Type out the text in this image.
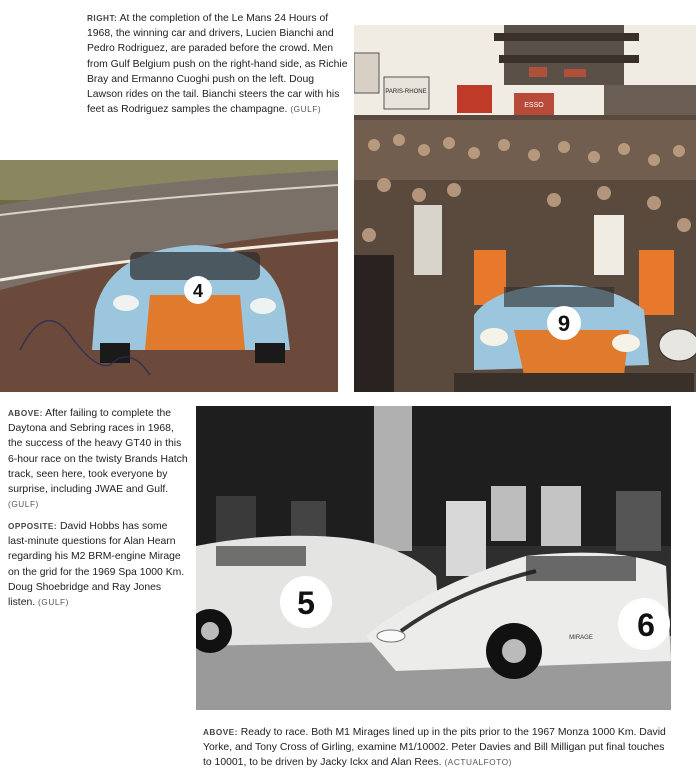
RIGHT: At the completion of the Le Mans 24 Hours of 1968, the winning car and drivers, Lucien Bianchi and Pedro Rodriguez, are paraded before the crowd. Men from Gulf Belgium push on the right-hand side, as Richie Bray and Ermanno Cuoghi push on the left. Doug Lawson rides on the tail. Bianchi steers the car with his feet as Rodriguez samples the champagne. (GULF)
PARIS-RHONE
ESSO
9
4
ABOVE: After failing to complete the Daytona and Sebring races in 1968, the success of the heavy GT40 in this 6-hour race on the twisty Brands Hatch track, seen here, took everyone by surprise, including JWAE and Gulf. (GULF)
OPPOSITE: David Hobbs has some last-minute questions for Alan Hearn regarding his M2 BRM-engine Mirage on the grid for the 1969 Spa 1000 Km. Doug Shoebridge and Ray Jones listen. (GULF)	5
6
MIRAGE
ABOVE: Ready to race. Both M1 Mirages lined up in the pits prior to the 1967 Monza 1000 Km. David Yorke, and Tony Cross of Girling, examine M1/10002. Peter Davies and Bill Milligan put final touches to 10001, to be driven by Jacky Ickx and Alan Rees. (ACTUALFOTO)
